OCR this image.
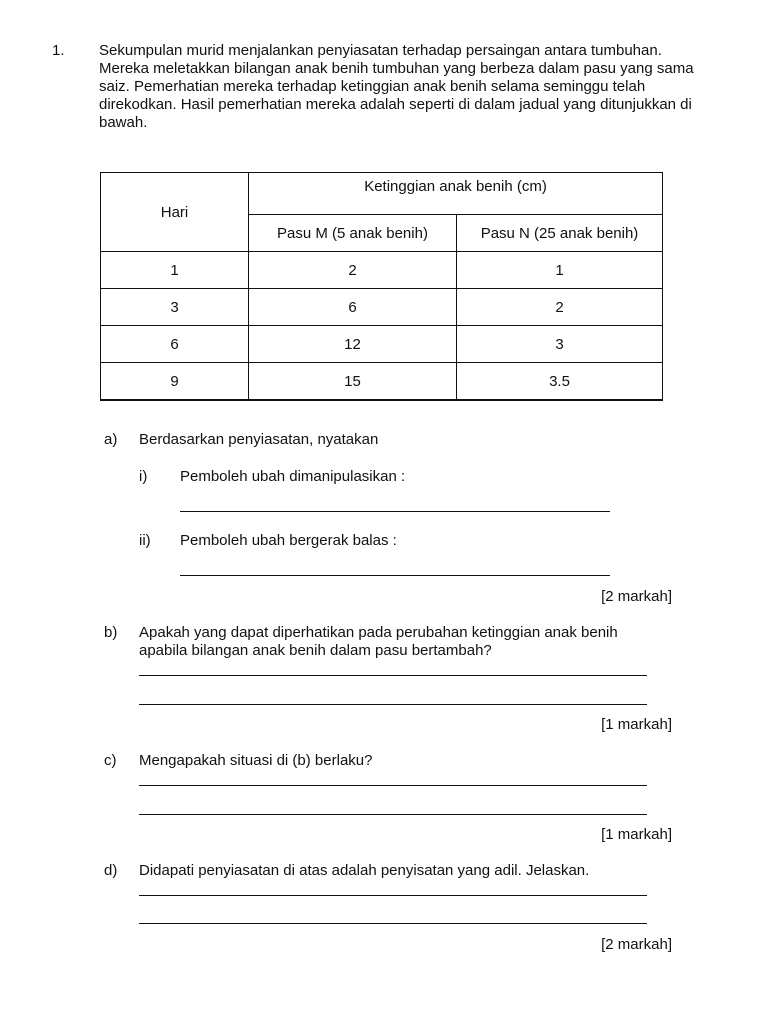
1. Sekumpulan murid menjalankan penyiasatan terhadap persaingan antara tumbuhan. Mereka meletakkan bilangan anak benih tumbuhan yang berbeza dalam pasu yang sama saiz. Pemerhatian mereka terhadap ketinggian anak benih selama seminggu telah direkodkan. Hasil pemerhatian mereka adalah seperti di dalam jadual yang ditunjukkan di bawah.
Hari	Ketinggian anak benih (cm)	
	Pasu M (5 anak benih)	Pasu N (25 anak benih)
1	2	1
3	6	2
6	12	3
9	15	3.5
a) Berdasarkan penyiasatan, nyatakan
i) Pemboleh ubah dimanipulasikan :
ii) Pemboleh ubah bergerak balas :
[2 markah]
b) Apakah yang dapat diperhatikan pada perubahan ketinggian anak benih
apabila bilangan anak benih dalam pasu bertambah?
[1 markah]
c) Mengapakah situasi di (b) berlaku?
[1 markah]
d) Didapati penyiasatan di atas adalah penyisatan yang adil. Jelaskan.
[2 markah]
